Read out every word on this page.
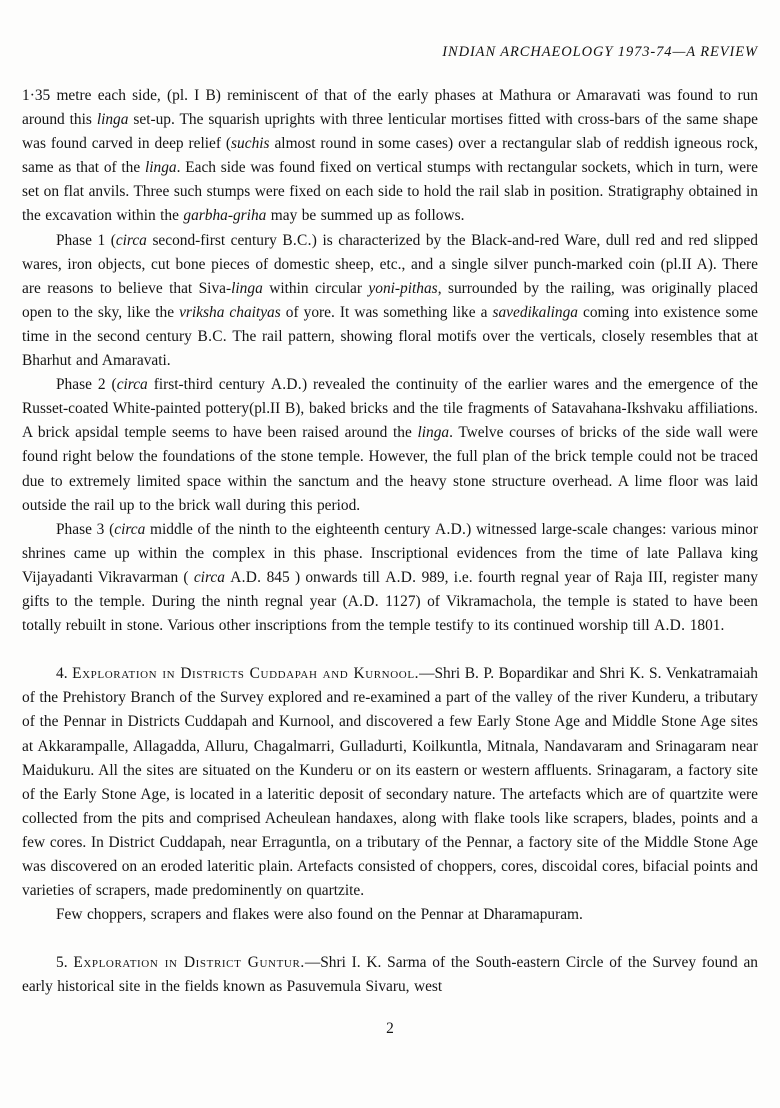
INDIAN ARCHAEOLOGY 1973-74—A REVIEW

1·35 metre each side, (pl. I B) reminiscent of that of the early phases at Mathura or Amaravati was found to run around this linga set-up. The squarish uprights with three lenticular mortises fitted with cross-bars of the same shape was found carved in deep relief (suchis almost round in some cases) over a rectangular slab of reddish igneous rock, same as that of the linga. Each side was found fixed on vertical stumps with rectangular sockets, which in turn, were set on flat anvils. Three such stumps were fixed on each side to hold the rail slab in position. Stratigraphy obtained in the excavation within the garbha-griha may be summed up as follows.

Phase 1 (circa second-first century B.C.) is characterized by the Black-and-red Ware, dull red and red slipped wares, iron objects, cut bone pieces of domestic sheep, etc., and a single silver punch-marked coin (pl.II A). There are reasons to believe that Siva-linga within circular yoni-pithas, surrounded by the railing, was originally placed open to the sky, like the vriksha chaityas of yore. It was something like a savedikalinga coming into existence some time in the second century B.C. The rail pattern, showing floral motifs over the verticals, closely resembles that at Bharhut and Amaravati.

Phase 2 (circa first-third century A.D.) revealed the continuity of the earlier wares and the emergence of the Russet-coated White-painted pottery(pl.II B), baked bricks and the tile fragments of Satavahana-Ikshvaku affiliations. A brick apsidal temple seems to have been raised around the linga. Twelve courses of bricks of the side wall were found right below the foundations of the stone temple. However, the full plan of the brick temple could not be traced due to extremely limited space within the sanctum and the heavy stone structure overhead. A lime floor was laid outside the rail up to the brick wall during this period.

Phase 3 (circa middle of the ninth to the eighteenth century A.D.) witnessed large-scale changes: various minor shrines came up within the complex in this phase. Inscriptional evidences from the time of late Pallava king Vijayadanti Vikravarman ( circa A.D. 845 ) onwards till A.D. 989, i.e. fourth regnal year of Raja III, register many gifts to the temple. During the ninth regnal year (A.D. 1127) of Vikramachola, the temple is stated to have been totally rebuilt in stone. Various other inscriptions from the temple testify to its continued worship till A.D. 1801.

4. Exploration in Districts Cuddapah and Kurnool.—Shri B. P. Bopardikar and Shri K. S. Venkatramaiah of the Prehistory Branch of the Survey explored and re-examined a part of the valley of the river Kunderu, a tributary of the Pennar in Districts Cuddapah and Kurnool, and discovered a few Early Stone Age and Middle Stone Age sites at Akkarampalle, Allagadda, Alluru, Chagalmarri, Gulladurti, Koilkuntla, Mitnala, Nandavaram and Srinagaram near Maidukuru. All the sites are situated on the Kunderu or on its eastern or western affluents. Srinagaram, a factory site of the Early Stone Age, is located in a lateritic deposit of secondary nature. The artefacts which are of quartzite were collected from the pits and comprised Acheulean handaxes, along with flake tools like scrapers, blades, points and a few cores. In District Cuddapah, near Erraguntla, on a tributary of the Pennar, a factory site of the Middle Stone Age was discovered on an eroded lateritic plain. Artefacts consisted of choppers, cores, discoidal cores, bifacial points and varieties of scrapers, made predominently on quartzite.

Few choppers, scrapers and flakes were also found on the Pennar at Dharamapuram.

5. Exploration in District Guntur.—Shri I. K. Sarma of the South-eastern Circle of the Survey found an early historical site in the fields known as Pasuvemula Sivaru, west

2
